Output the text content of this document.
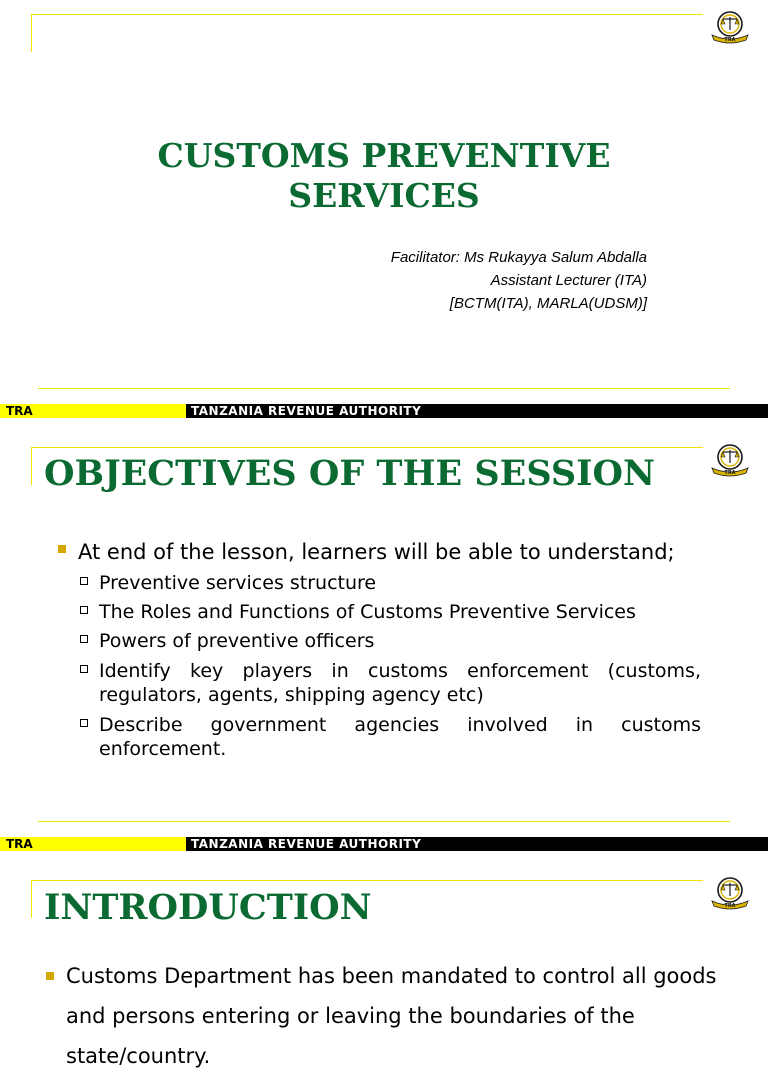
TRA
CUSTOMS PREVENTIVE
SERVICES
Facilitator: Ms Rukayya Salum Abdalla
Assistant Lecturer (ITA)
[BCTM(ITA), MARLA(UDSM)]
TRA	TANZANIA REVENUE AUTHORITY
TRA
OBJECTIVES OF THE SESSION
At end of the lesson, learners will be able to understand;
Preventive services structure
The Roles and Functions of Customs Preventive Services
Powers of preventive officers
Identify key players in customs enforcement (customs, regulators, agents, shipping agency etc)
Describe government agencies involved in customs enforcement.
TRA	TANZANIA REVENUE AUTHORITY
TRA
INTRODUCTION
Customs Department has been mandated to control all goods and persons entering or leaving the boundaries of the state/country.
